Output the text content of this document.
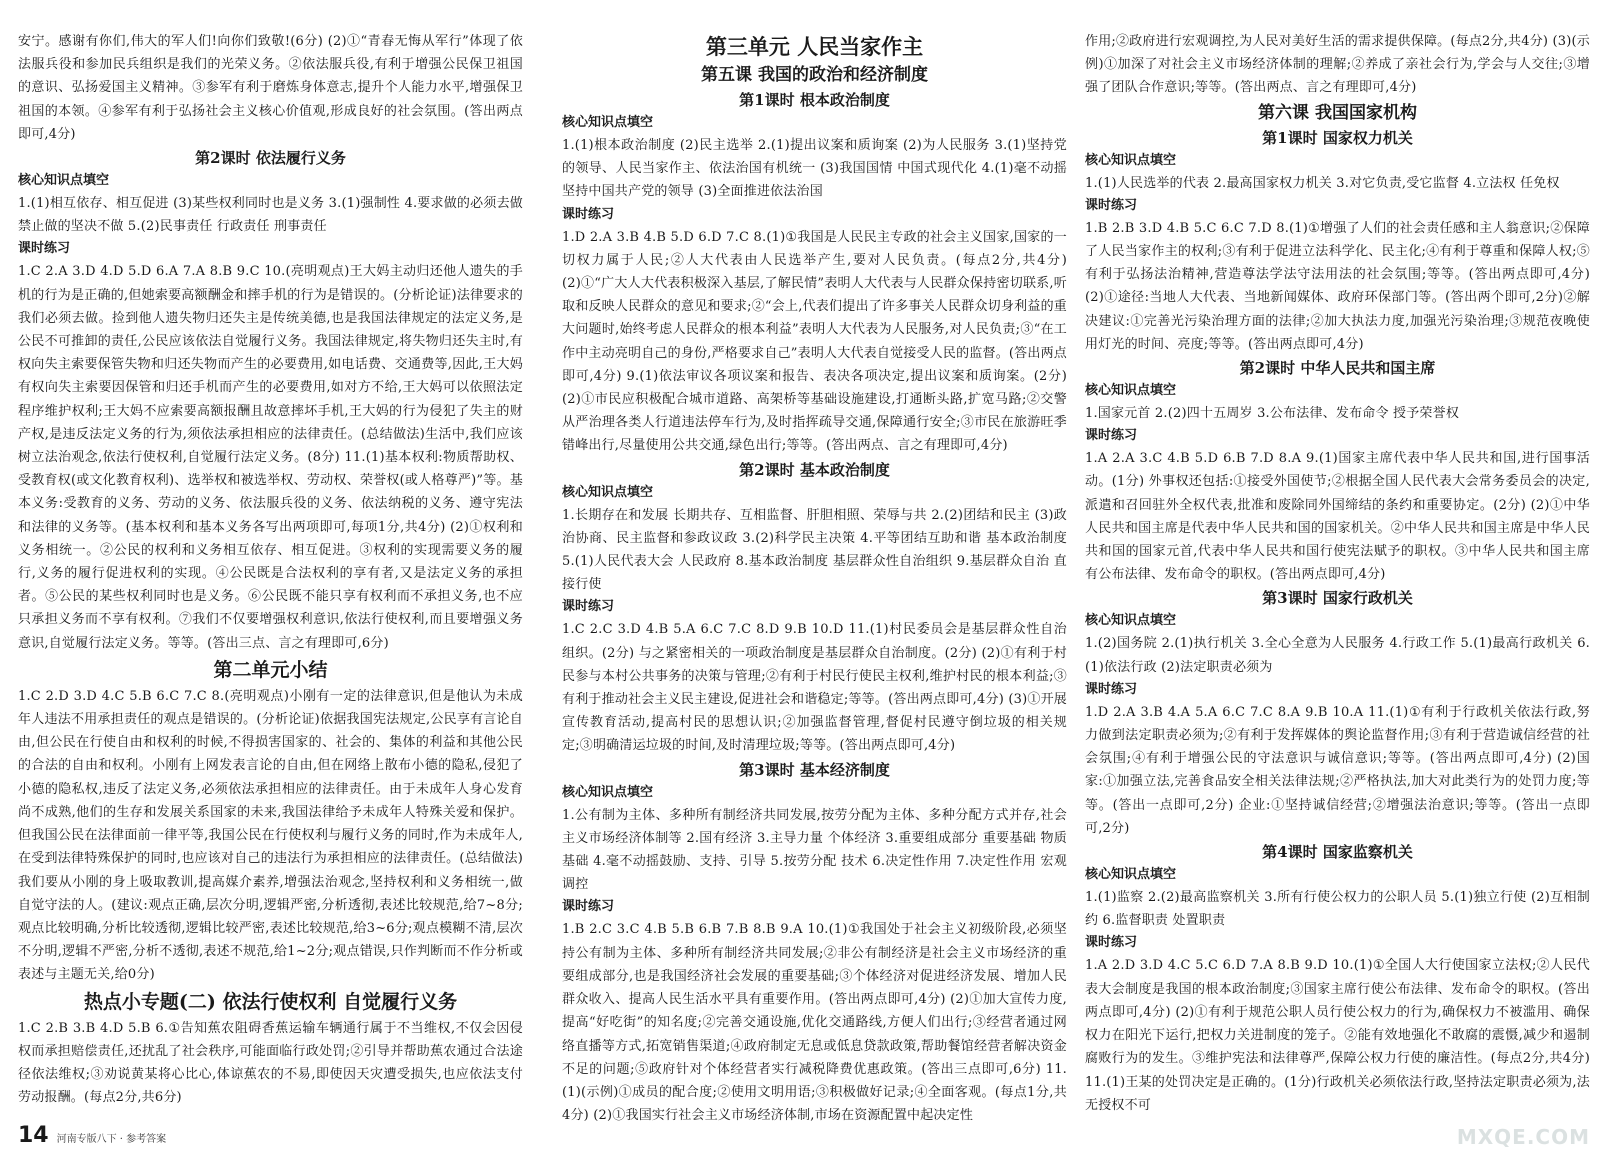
安宁。感谢有你们,伟大的军人们!向你们致敬!(6分) (2)①“青春无悔从军行”体现了依法服兵役和参加民兵组织是我们的光荣义务。②依法服兵役,有利于增强公民保卫祖国的意识、弘扬爱国主义精神。③参军有利于磨炼身体意志,提升个人能力水平,增强保卫祖国的本领。④参军有利于弘扬社会主义核心价值观,形成良好的社会氛围。(答出两点即可,4分)
第2课时 依法履行义务
核心知识点填空
1.(1)相互依存、相互促进 (3)某些权利同时也是义务 3.(1)强制性 4.要求做的必须去做 禁止做的坚决不做 5.(2)民事责任 行政责任 刑事责任
课时练习
1.C 2.A 3.D 4.D 5.D 6.A 7.A 8.B 9.C 10.(亮明观点)王大妈主动归还他人遗失的手机的行为是正确的,但她索要高额酬金和摔手机的行为是错误的。(分析论证)法律要求的我们必须去做。捡到他人遗失物归还失主是传统美德,也是我国法律规定的法定义务,是公民不可推卸的责任,公民应该依法自觉履行义务。我国法律规定,将失物归还失主时,有权向失主索要保管失物和归还失物而产生的必要费用,如电话费、交通费等,因此,王大妈有权向失主索要因保管和归还手机而产生的必要费用,如对方不给,王大妈可以依照法定程序维护权利;王大妈不应索要高额报酬且故意摔坏手机,王大妈的行为侵犯了失主的财产权,是违反法定义务的行为,须依法承担相应的法律责任。(总结做法)生活中,我们应该树立法治观念,依法行使权利,自觉履行法定义务。(8分) 11.(1)基本权利:物质帮助权、受教育权(或文化教育权利)、选举权和被选举权、劳动权、荣誉权(或人格尊严)”等。基本义务:受教育的义务、劳动的义务、依法服兵役的义务、依法纳税的义务、遵守宪法和法律的义务等。(基本权利和基本义务各写出两项即可,每项1分,共4分) (2)①权利和义务相统一。②公民的权利和义务相互依存、相互促进。③权利的实现需要义务的履行,义务的履行促进权利的实现。④公民既是合法权利的享有者,又是法定义务的承担者。⑤公民的某些权利同时也是义务。⑥公民既不能只享有权利而不承担义务,也不应只承担义务而不享有权利。⑦我们不仅要增强权利意识,依法行使权利,而且要增强义务意识,自觉履行法定义务。等等。(答出三点、言之有理即可,6分)
第二单元小结
1.C 2.D 3.D 4.C 5.B 6.C 7.C 8.(亮明观点)小刚有一定的法律意识,但是他认为未成年人违法不用承担责任的观点是错误的。(分析论证)依据我国宪法规定,公民享有言论自由,但公民在行使自由和权利的时候,不得损害国家的、社会的、集体的利益和其他公民的合法的自由和权利。小刚有上网发表言论的自由,但在网络上散布小德的隐私,侵犯了小德的隐私权,违反了法定义务,必须依法承担相应的法律责任。由于未成年人身心发育尚不成熟,他们的生存和发展关系国家的未来,我国法律给予未成年人特殊关爱和保护。但我国公民在法律面前一律平等,我国公民在行使权利与履行义务的同时,作为未成年人,在受到法律特殊保护的同时,也应该对自己的违法行为承担相应的法律责任。(总结做法)我们要从小刚的身上吸取教训,提高媒介素养,增强法治观念,坚持权利和义务相统一,做自觉守法的人。(建议:观点正确,层次分明,逻辑严密,分析透彻,表述比较规范,给7~8分;观点比较明确,分析比较透彻,逻辑比较严密,表述比较规范,给3~6分;观点模糊不清,层次不分明,逻辑不严密,分析不透彻,表述不规范,给1~2分;观点错误,只作判断而不作分析或表述与主题无关,给0分)
热点小专题(二) 依法行使权利 自觉履行义务
1.C 2.B 3.B 4.D 5.B 6.①告知蕉农阻碍香蕉运输车辆通行属于不当维权,不仅会因侵权而承担赔偿责任,还扰乱了社会秩序,可能面临行政处罚;②引导并帮助蕉农通过合法途径依法维权;③劝说黄某将心比心,体谅蕉农的不易,即使因天灾遭受损失,也应依法支付劳动报酬。(每点2分,共6分)
第三单元 人民当家作主
第五课 我国的政治和经济制度
第1课时 根本政治制度
核心知识点填空
1.(1)根本政治制度 (2)民主选举 2.(1)提出议案和质询案 (2)为人民服务 3.(1)坚持党的领导、人民当家作主、依法治国有机统一 (3)我国国情 中国式现代化 4.(1)毫不动摇坚持中国共产党的领导 (3)全面推进依法治国
课时练习
1.D 2.A 3.B 4.B 5.D 6.D 7.C 8.(1)①我国是人民民主专政的社会主义国家,国家的一切权力属于人民;②人大代表由人民选举产生,要对人民负责。(每点2分,共4分) (2)①“广大人大代表积极深入基层,了解民情”表明人大代表与人民群众保持密切联系,听取和反映人民群众的意见和要求;②“会上,代表们提出了许多事关人民群众切身利益的重大问题时,始终考虑人民群众的根本利益”表明人大代表为人民服务,对人民负责;③“在工作中主动亮明自己的身份,严格要求自己”表明人大代表自觉接受人民的监督。(答出两点即可,4分) 9.(1)依法审议各项议案和报告、表决各项决定,提出议案和质询案。(2分) (2)①市民应积极配合城市道路、高架桥等基础设施建设,打通断头路,扩宽马路;②交警从严治理各类人行道违法停车行为,及时指挥疏导交通,保障通行安全;③市民在旅游旺季错峰出行,尽量使用公共交通,绿色出行;等等。(答出两点、言之有理即可,4分)
第2课时 基本政治制度
核心知识点填空
1.长期存在和发展 长期共存、互相监督、肝胆相照、荣辱与共 2.(2)团结和民主 (3)政治协商、民主监督和参政议政 3.(2)科学民主决策 4.平等团结互助和谐 基本政治制度 5.(1)人民代表大会 人民政府 8.基本政治制度 基层群众性自治组织 9.基层群众自治 直接行使
课时练习
1.C 2.C 3.D 4.B 5.A 6.C 7.C 8.D 9.B 10.D 11.(1)村民委员会是基层群众性自治组织。(2分) 与之紧密相关的一项政治制度是基层群众自治制度。(2分) (2)①有利于村民参与本村公共事务的决策与管理;②有利于村民行使民主权利,维护村民的根本利益;③有利于推动社会主义民主建设,促进社会和谐稳定;等等。(答出两点即可,4分) (3)①开展宣传教育活动,提高村民的思想认识;②加强监督管理,督促村民遵守倒垃圾的相关规定;③明确清运垃圾的时间,及时清理垃圾;等等。(答出两点即可,4分)
第3课时 基本经济制度
核心知识点填空
1.公有制为主体、多种所有制经济共同发展,按劳分配为主体、多种分配方式并存,社会主义市场经济体制等 2.国有经济 3.主导力量 个体经济 3.重要组成部分 重要基础 物质基础 4.毫不动摇鼓励、支持、引导 5.按劳分配 技术 6.决定性作用 7.决定性作用 宏观调控
课时练习
1.B 2.C 3.C 4.B 5.B 6.B 7.B 8.B 9.A 10.(1)①我国处于社会主义初级阶段,必须坚持公有制为主体、多种所有制经济共同发展;②非公有制经济是社会主义市场经济的重要组成部分,也是我国经济社会发展的重要基础;③个体经济对促进经济发展、增加人民群众收入、提高人民生活水平具有重要作用。(答出两点即可,4分) (2)①加大宣传力度,提高“好吃街”的知名度;②完善交通设施,优化交通路线,方便人们出行;③经营者通过网络直播等方式,拓宽销售渠道;④政府制定无息或低息贷款政策,帮助餐馆经营者解决资金不足的问题;⑤政府针对个体经营者实行减税降费优惠政策。(答出三点即可,6分) 11.(1)(示例)①成员的配合度;②使用文明用语;③积极做好记录;④全面客观。(每点1分,共4分) (2)①我国实行社会主义市场经济体制,市场在资源配置中起决定性
作用;②政府进行宏观调控,为人民对美好生活的需求提供保障。(每点2分,共4分) (3)(示例)①加深了对社会主义市场经济体制的理解;②养成了亲社会行为,学会与人交往;③增强了团队合作意识;等等。(答出两点、言之有理即可,4分)
第六课 我国国家机构
第1课时 国家权力机关
核心知识点填空
1.(1)人民选举的代表 2.最高国家权力机关 3.对它负责,受它监督 4.立法权 任免权
课时练习
1.B 2.B 3.D 4.B 5.C 6.C 7.D 8.(1)①增强了人们的社会责任感和主人翁意识;②保障了人民当家作主的权利;③有利于促进立法科学化、民主化;④有利于尊重和保障人权;⑤有利于弘扬法治精神,营造尊法学法守法用法的社会氛围;等等。(答出两点即可,4分) (2)①途径:当地人大代表、当地新闻媒体、政府环保部门等。(答出两个即可,2分)②解决建议:①完善光污染治理方面的法律;②加大执法力度,加强光污染治理;③规范夜晚使用灯光的时间、亮度;等等。(答出两点即可,4分)
第2课时 中华人民共和国主席
核心知识点填空
1.国家元首 2.(2)四十五周岁 3.公布法律、发布命令 授予荣誉权
课时练习
1.A 2.A 3.C 4.B 5.D 6.B 7.D 8.A 9.(1)国家主席代表中华人民共和国,进行国事活动。(1分) 外事权还包括:①接受外国使节;②根据全国人民代表大会常务委员会的决定,派遣和召回驻外全权代表,批准和废除同外国缔结的条约和重要协定。(2分) (2)①中华人民共和国主席是代表中华人民共和国的国家机关。②中华人民共和国主席是中华人民共和国的国家元首,代表中华人民共和国行使宪法赋予的职权。③中华人民共和国主席有公布法律、发布命令的职权。(答出两点即可,4分)
第3课时 国家行政机关
核心知识点填空
1.(2)国务院 2.(1)执行机关 3.全心全意为人民服务 4.行政工作 5.(1)最高行政机关 6.(1)依法行政 (2)法定职责必须为
课时练习
1.D 2.A 3.B 4.A 5.A 6.C 7.C 8.A 9.B 10.A 11.(1)①有利于行政机关依法行政,努力做到法定职责必须为;②有利于发挥媒体的舆论监督作用;③有利于营造诚信经营的社会氛围;④有利于增强公民的守法意识与诚信意识;等等。(答出两点即可,4分) (2)国家:①加强立法,完善食品安全相关法律法规;②严格执法,加大对此类行为的处罚力度;等等。(答出一点即可,2分) 企业:①坚持诚信经营;②增强法治意识;等等。(答出一点即可,2分)
第4课时 国家监察机关
核心知识点填空
1.(1)监察 2.(2)最高监察机关 3.所有行使公权力的公职人员 5.(1)独立行使 (2)互相制约 6.监督职责 处置职责
课时练习
1.A 2.D 3.D 4.C 5.C 6.D 7.A 8.B 9.D 10.(1)①全国人大行使国家立法权;②人民代表大会制度是我国的根本政治制度;③国家主席行使公布法律、发布命令的职权。(答出两点即可,4分) (2)①有利于规范公职人员行使公权力的行为,确保权力不被滥用、确保权力在阳光下运行,把权力关进制度的笼子。②能有效地强化不敢腐的震慑,减少和遏制腐败行为的发生。③维护宪法和法律尊严,保障公权力行使的廉洁性。(每点2分,共4分) 11.(1)王某的处罚决定是正确的。(1分)行政机关必须依法行政,坚持法定职责必须为,法无授权不可
14 河南专版八下 · 参考答案	MXQE.COM
